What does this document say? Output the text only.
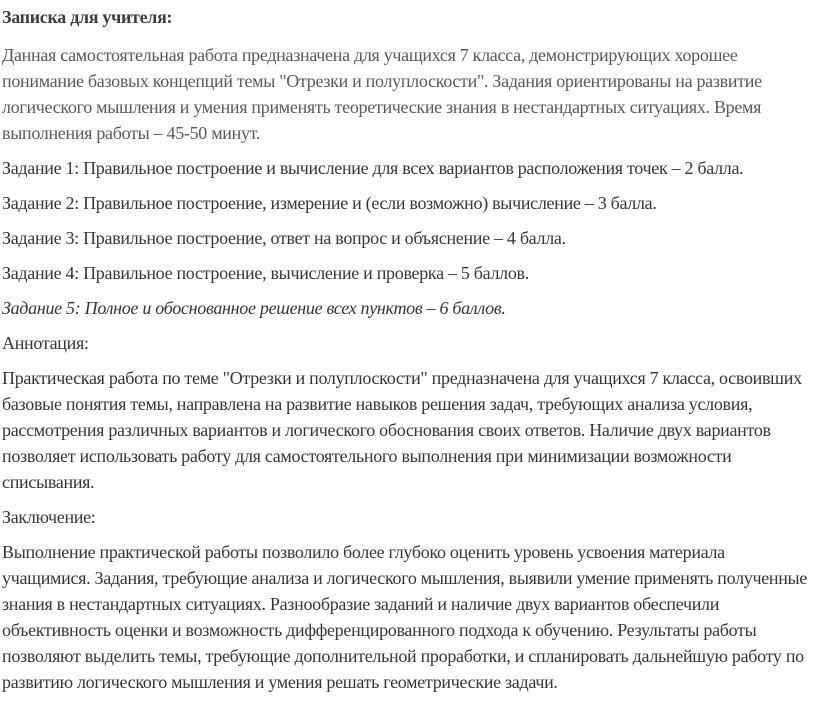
Записка для учителя:

Данная самостоятельная работа предназначена для учащихся 7 класса, демонстрирующих хорошее понимание базовых концепций темы "Отрезки и полуплоскости". Задания ориентированы на развитие логического мышления и умения применять теоретические знания в нестандартных ситуациях. Время выполнения работы – 45-50 минут.

Задание 1: Правильное построение и вычисление для всех вариантов расположения точек – 2 балла.

Задание 2: Правильное построение, измерение и (если возможно) вычисление – 3 балла.

Задание 3: Правильное построение, ответ на вопрос и объяснение – 4 балла.

Задание 4: Правильное построение, вычисление и проверка – 5 баллов.

Задание 5: Полное и обоснованное решение всех пунктов – 6 баллов.

Аннотация:

Практическая работа по теме "Отрезки и полуплоскости" предназначена для учащихся 7 класса, освоивших базовые понятия темы, направлена на развитие навыков решения задач, требующих анализа условия, рассмотрения различных вариантов и логического обоснования своих ответов. Наличие двух вариантов позволяет использовать работу для самостоятельного выполнения при минимизации возможности списывания.

Заключение:

Выполнение практической работы позволило более глубоко оценить уровень усвоения материала учащимися. Задания, требующие анализа и логического мышления, выявили умение применять полученные знания в нестандартных ситуациях. Разнообразие заданий и наличие двух вариантов обеспечили объективность оценки и возможность дифференцированного подхода к обучению. Результаты работы позволяют выделить темы, требующие дополнительной проработки, и спланировать дальнейшую работу по развитию логического мышления и умения решать геометрические задачи.
